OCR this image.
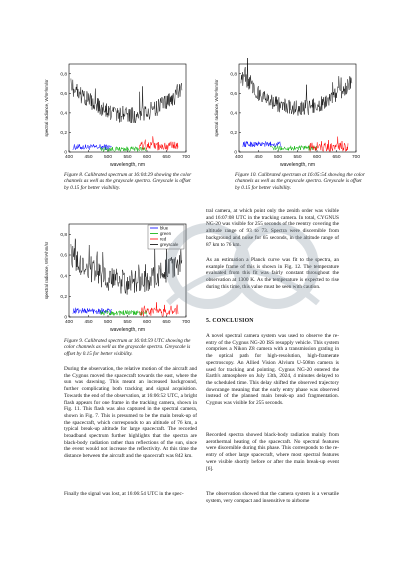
400 450 500 550 600 650 700
0
0,2
0,4
0,6
0,8
wavelength, nm
spectral radiance, W/m²/nm/sr

Figure 8. Calibrated spectrum at 16:04:29 showing the color channels as well as the grayscale spectra. Greyscale is offset by 0.15 for better visibility.

400 450 500 550 600 650 700
0
0,2
0,4
0,6
0,8
wavelength, nm
spectral radiance, W/m²/nm/sr

Figure 10. Calibrated spectrum at 16:05:54 showing the color channels as well as the grayscale spectra. Greyscale is offset by 0.15 for better visibility.

400 450 500 550 600 650 700
0
0,2
0,4
0,6
0,8
wavelength, nm
spectral radiance, W/m²/nm/sr
blue
green
red
greyscale

Figure 9. Calibrated spectrum at 16:04:59 UTC showing the color channels as well as the grayscale spectra. Greyscale is offset by 0.15 for better visibility.

During the observation, the relative motion of the aircraft and the Cygnus moved the spacecraft towards the east, where the sun was dawning. This meant an increased background, further complicating both tracking and signal acquisition. Towards the end of the observation, at 16:06:52 UTC, a bright flash appears for one frame in the tracking camera, shown in Fig. 11. This flash was also captured in the spectral camera, shown in Fig. 7. This is presumed to be the main break-up of the spacecraft, which corresponds to an altitude of 76 km, a typical break-up altitude for large spacecraft. The recorded broadband spectrum further highlights that the spectra are black-body radiation rather than reflections of the sun, since the event would not increase the reflectivity. At this time the distance between the aircraft and the spacecraft was 842 km.

Finally the signal was lost, at 16:06:54 UTC in the spec-

tral camera, at which point only the zenith order was visible and 16:07:08 UTC in the tracking camera. In total, CYGNUS NG-20 was visible for 255 seconds of the reentry covering the altitude range of 93 to 73. Spectra were discernible from background and noise for 65 seconds, in the altitude range of 87 km to 76 km.

As an estimation a Planck curve was fit to the spectra, an example frame of this is shown in Fig. 12. The temperature evaluated from this fit was fairly constant throughout the observation at 1300 K. As the temperature is expected to rise during this time, this value must be seen with caution.

5. CONCLUSION

A novel spectral camera system was used to observe the re-entry of the Cygnus NG-20 ISS resupply vehicle. This system comprises a Nikon Z8 camera with a transmission grating in the optical path for high-resolution, high-framerate spectroscopy. An Allied Vision Alvium U-508m camera is used for tracking and pointing. Cygnus NG-20 entered the Earth's atmosphere on July 13th, 2024, 4 minutes delayed to the scheduled time. This delay shifted the observed trajectory downrange meaning that the early entry phase was observed instead of the planned main break-up and fragmentation. Cygnus was visible for 255 seconds.

Recorded spectra showed black-body radiation mainly from aerothermal heating of the spacecraft. No spectral features were discernible during this phase. This corresponds to the re-entry of other large spacecraft, where most spectral features were visible shortly before or after the main break-up event [6].

The observation showed that the camera system is a versatile system, very compact and insensitive to airborne
